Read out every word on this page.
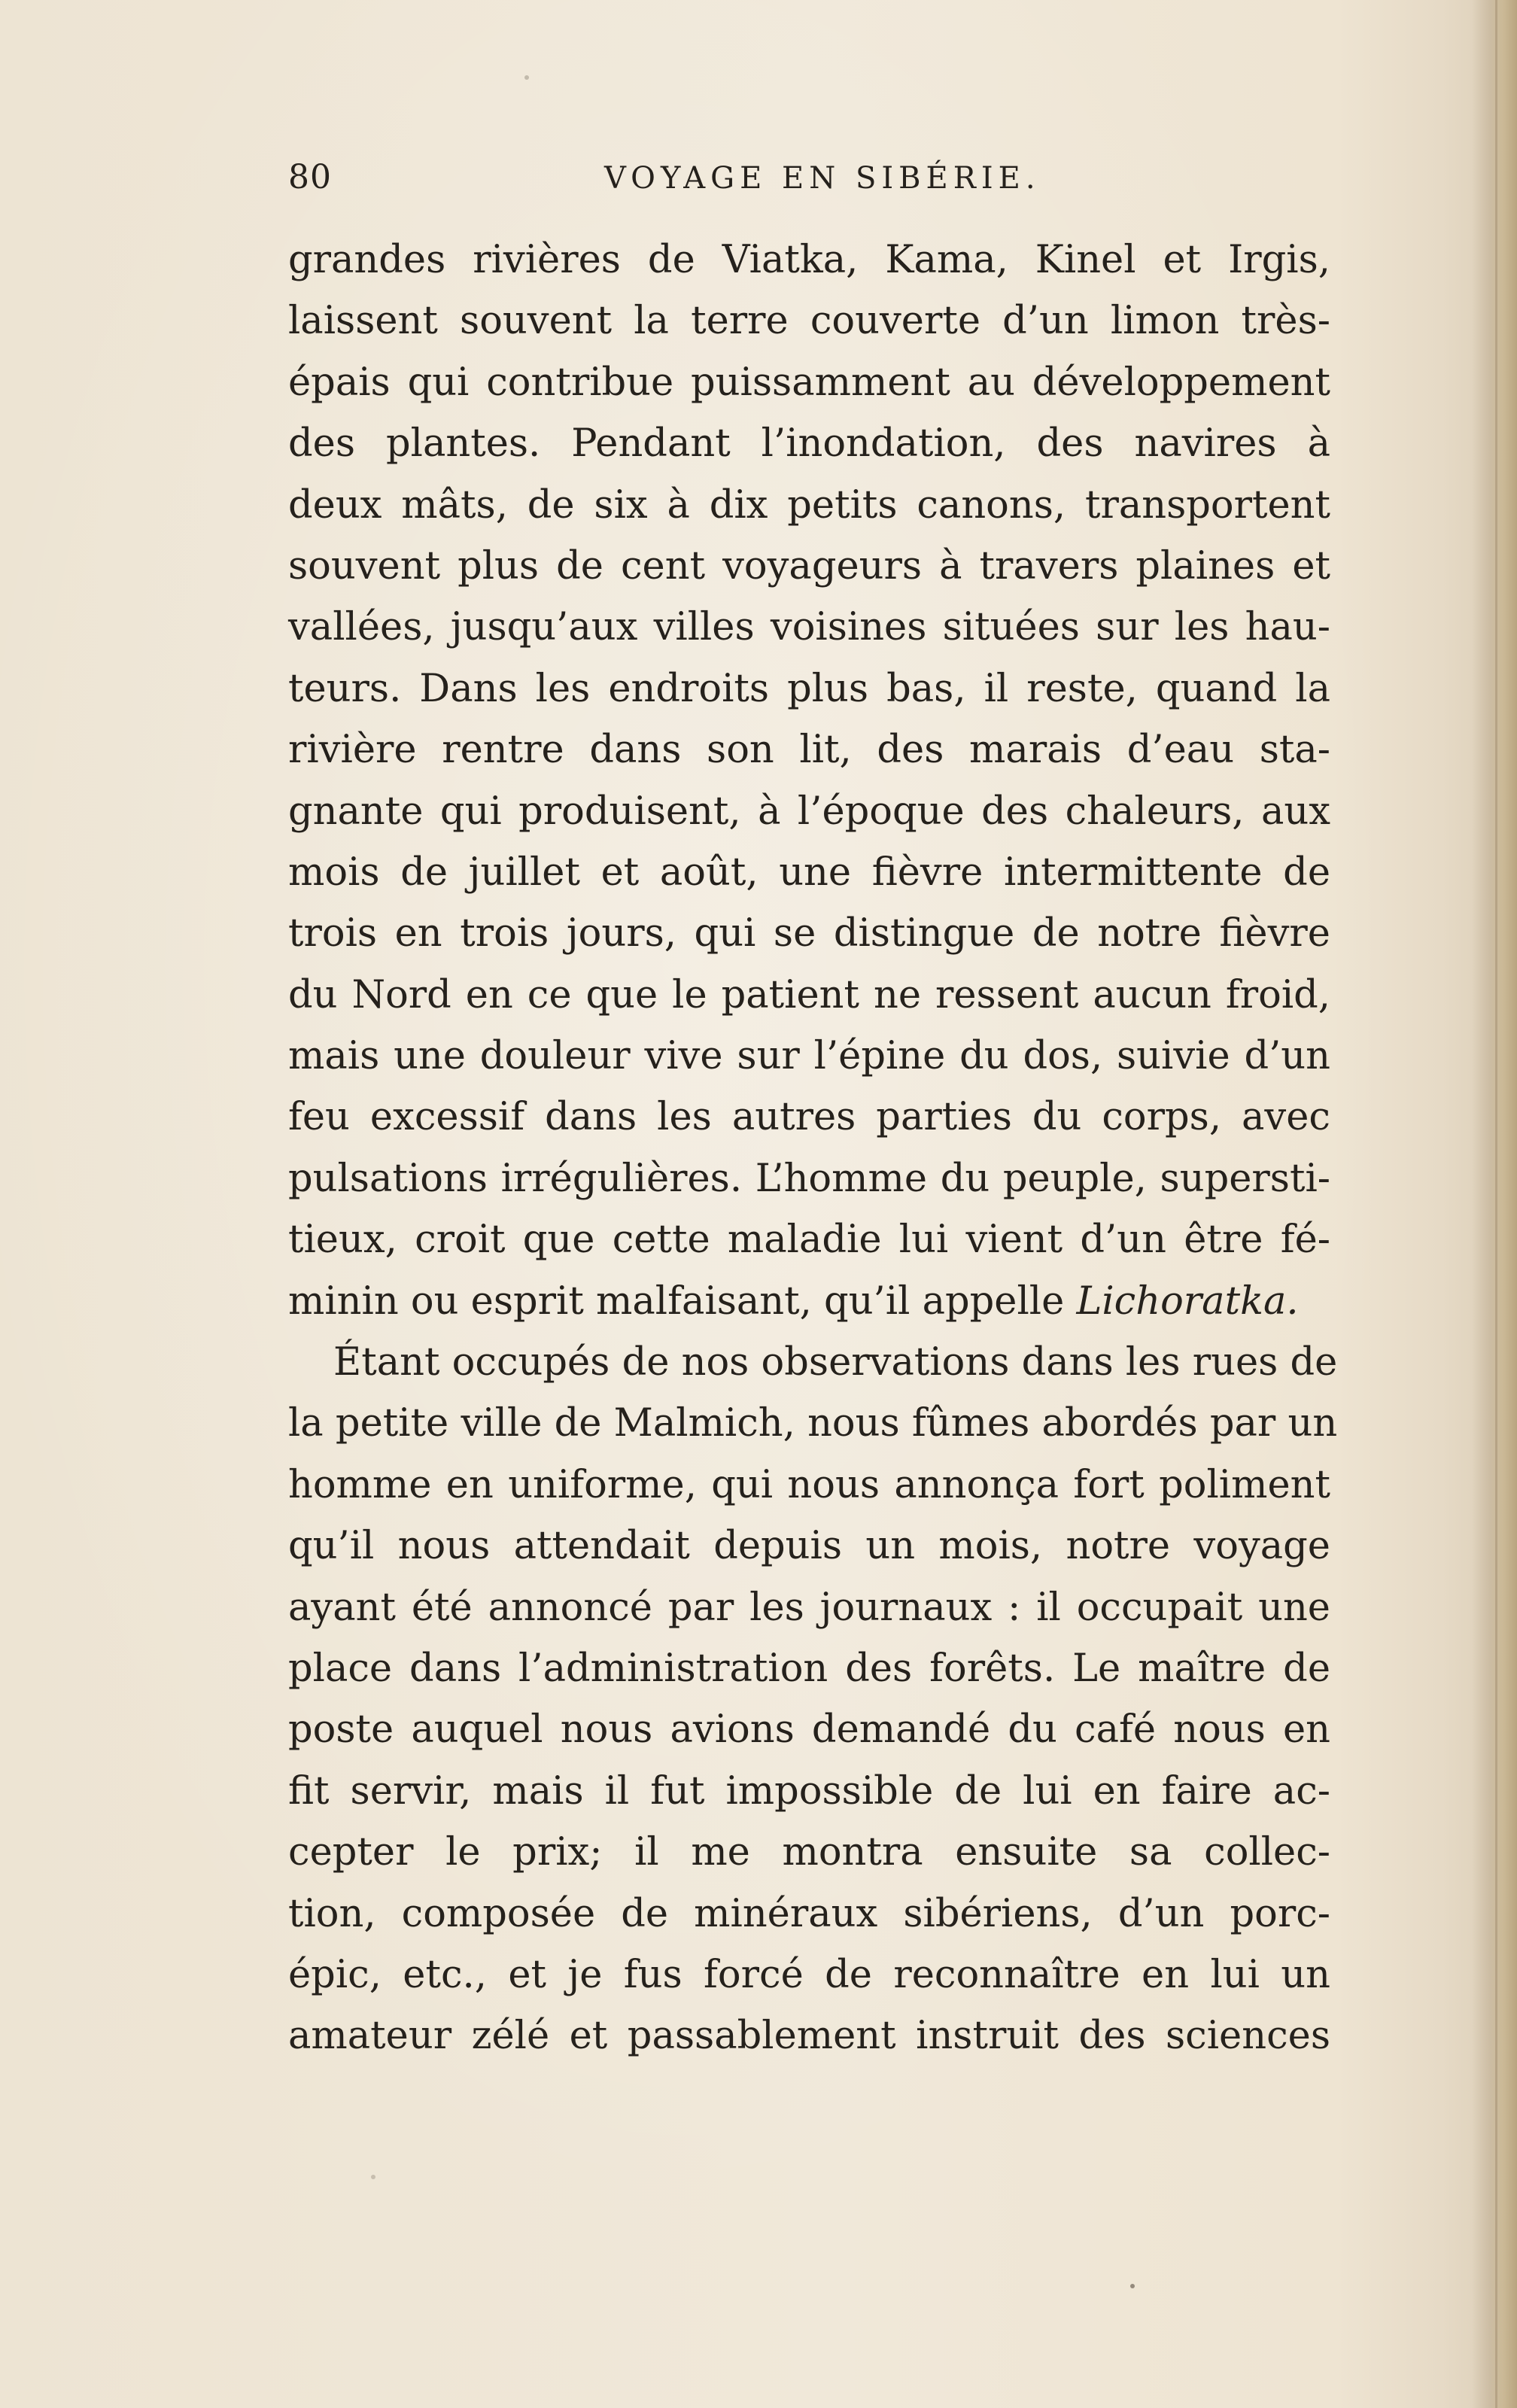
80	VOYAGE EN SIBÉRIE.
grandes rivières de Viatka, Kama, Kinel et Irgis,
laissent souvent la terre couverte d’un limon très-
épais qui contribue puissamment au développement
des plantes. Pendant l’inondation, des navires à
deux mâts, de six à dix petits canons, transportent
souvent plus de cent voyageurs à travers plaines et
vallées, jusqu’aux villes voisines situées sur les hau-
teurs. Dans les endroits plus bas, il reste, quand la
rivière rentre dans son lit, des marais d’eau sta-
gnante qui produisent, à l’époque des chaleurs, aux
mois de juillet et août, une fièvre intermittente de
trois en trois jours, qui se distingue de notre fièvre
du Nord en ce que le patient ne ressent aucun froid,
mais une douleur vive sur l’épine du dos, suivie d’un
feu excessif dans les autres parties du corps, avec
pulsations irrégulières. L’homme du peuple, supersti-
tieux, croit que cette maladie lui vient d’un être fé-
minin ou esprit malfaisant, qu’il appelle Lichoratka.
Étant occupés de nos observations dans les rues de
la petite ville de Malmich, nous fûmes abordés par un
homme en uniforme, qui nous annonça fort poliment
qu’il nous attendait depuis un mois, notre voyage
ayant été annoncé par les journaux : il occupait une
place dans l’administration des forêts. Le maître de
poste auquel nous avions demandé du café nous en
fit servir, mais il fut impossible de lui en faire ac-
cepter le prix; il me montra ensuite sa collec-
tion, composée de minéraux sibériens, d’un porc-
épic, etc., et je fus forcé de reconnaître en lui un
amateur zélé et passablement instruit des sciences
